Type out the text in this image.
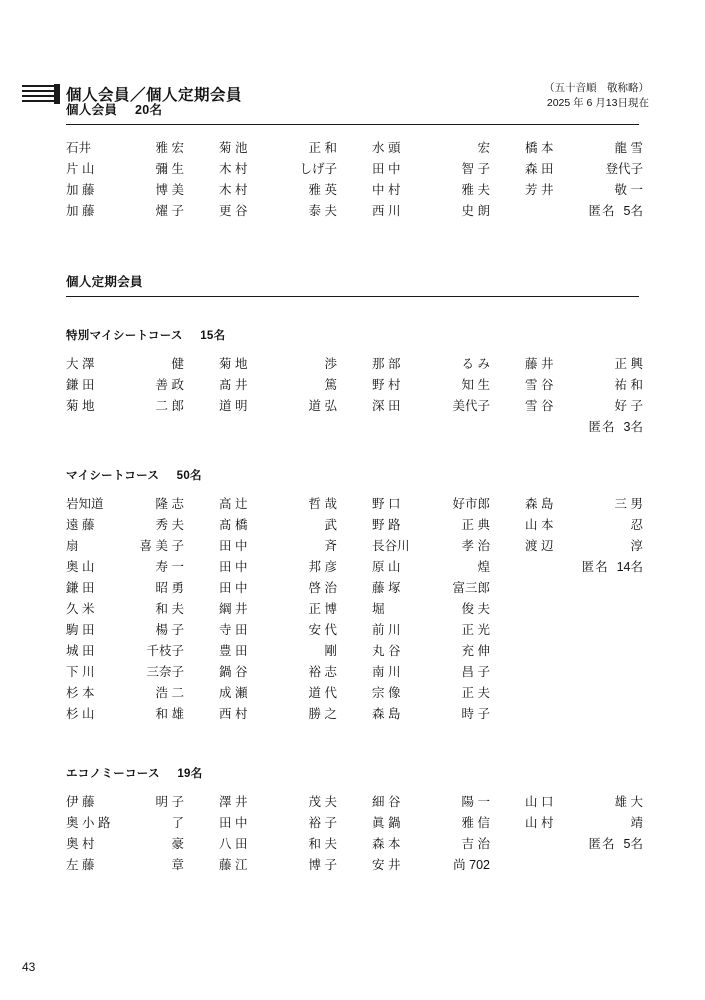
個人会員／個人定期会員	（五十音順　敬称略）
2025 年 6 月13日現在
個人会員 20名
石井	雅 宏	菊 池	正 和	水 頭	宏	橋 本	龍 雪
片 山	彌 生	木 村	しげ子	田 中	智 子	森 田	登代子
加 藤	博 美	木 村	雅 英	中 村	雅 夫	芳 井	敬 一
加 藤	燿 子	更 谷	泰 夫	西 川	史 朗	匿名 5名
個人定期会員
特別マイシートコース 15名
大 澤	健	菊 地	渉	那 部	る み	藤 井	正 興
鎌 田	善 政	髙 井	篤	野 村	知 生	雪 谷	祐 和
菊 地	二 郎	道 明	道 弘	深 田	美代子	雪 谷	好 子

匿名 3名
マイシートコース 50名
岩知道	隆 志	高 辻	哲 哉	野 口	好市郎	森 島	三 男
遠 藤	秀 夫	髙 橋	武	野 路	正 典	山 本	忍
扇	喜 美 子	田 中	斉	長谷川	孝 治	渡 辺	淳
奥 山	寿 一	田 中	邦 彦	原 山	煌	匿名 14名
鎌 田	昭 勇	田 中	啓 治	藤 塚	富三郎

久 米	和 夫	綱 井	正 博	堀	俊 夫

駒 田	楊 子	寺 田	安 代	前 川	正 光

城 田	千枝子	豊 田	剛	丸 谷	充 伸

下 川	三奈子	鍋 谷	裕 志	南 川	昌 子

杉 本	浩 二	成 瀬	道 代	宗 像	正 夫

杉 山	和 雄	西 村	勝 之	森 島	時 子

エコノミーコース 19名
伊 藤	明 子	澤 井	茂 夫	細 谷	陽 一	山 口	雄 大
奥 小 路	了	田 中	裕 子	眞 鍋	雅 信	山 村	靖
奥 村	豪	八 田	和 夫	森 本	吉 治	匿名 5名
左 藤	章	藤 江	博 子	安 井	尚 702

43
